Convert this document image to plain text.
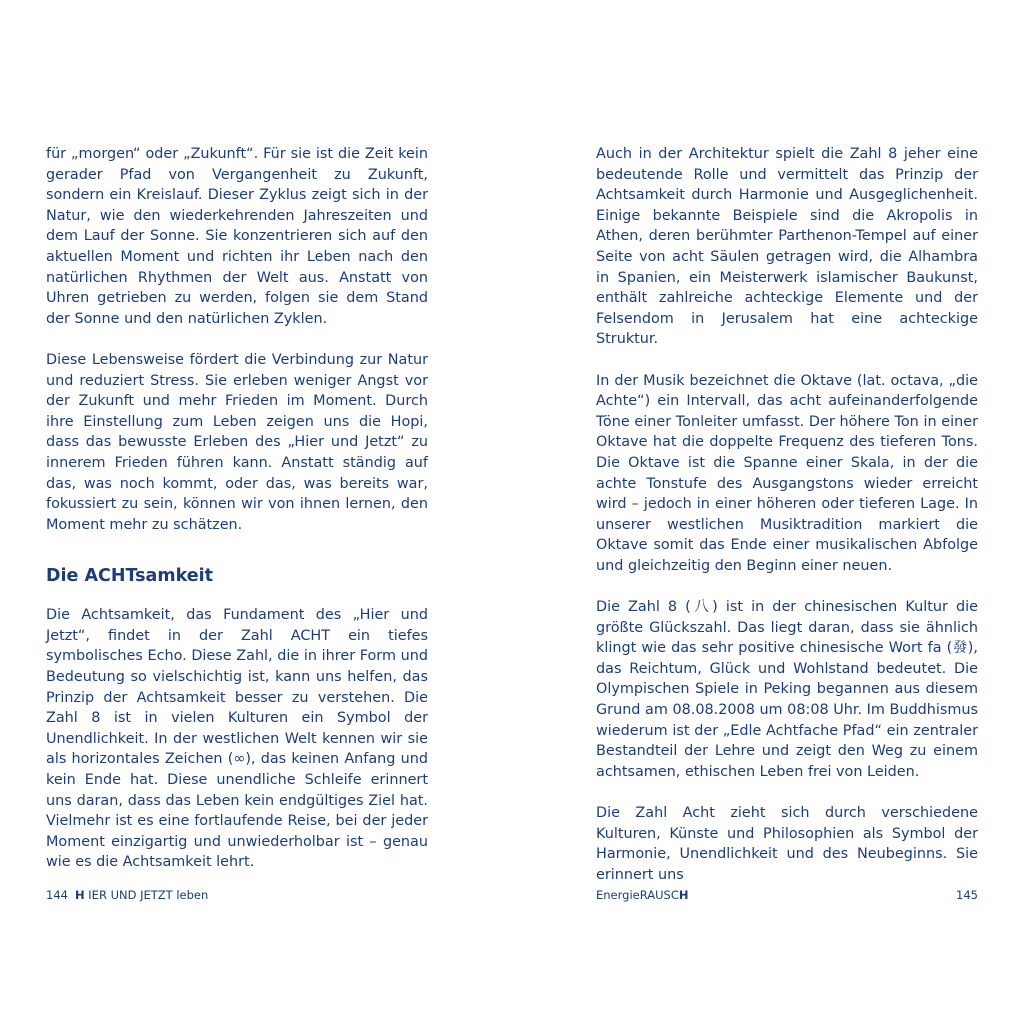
für „morgen“ oder „Zukunft“. Für sie ist die Zeit kein gerader Pfad von Vergangenheit zu Zukunft, sondern ein Kreislauf. Dieser Zyklus zeigt sich in der Natur, wie den wiederkehrenden Jahreszeiten und dem Lauf der Sonne. Sie konzentrieren sich auf den aktuellen Moment und richten ihr Leben nach den natürlichen Rhythmen der Welt aus. Anstatt von Uhren getrieben zu werden, folgen sie dem Stand der Sonne und den natürlichen Zyklen.

Diese Lebensweise fördert die Verbindung zur Natur und reduziert Stress. Sie erleben weniger Angst vor der Zukunft und mehr Frieden im Moment. Durch ihre Einstellung zum Leben zeigen uns die Hopi, dass das bewusste Erleben des „Hier und Jetzt“ zu innerem Frieden führen kann. Anstatt ständig auf das, was noch kommt, oder das, was bereits war, fokussiert zu sein, können wir von ihnen lernen, den Moment mehr zu schätzen.

Die ACHTsamkeit

Die Achtsamkeit, das Fundament des „Hier und Jetzt“, findet in der Zahl ACHT ein tiefes symbolisches Echo. Diese Zahl, die in ihrer Form und Bedeutung so vielschichtig ist, kann uns helfen, das Prinzip der Achtsamkeit besser zu verstehen. Die Zahl 8 ist in vielen Kulturen ein Symbol der Unendlichkeit. In der westlichen Welt kennen wir sie als horizontales Zeichen (∞), das keinen Anfang und kein Ende hat. Diese unendliche Schleife erinnert uns daran, dass das Leben kein endgültiges Ziel hat. Vielmehr ist es eine fortlaufende Reise, bei der jeder Moment einzigartig und unwiederholbar ist – genau wie es die Achtsamkeit lehrt.

144 H IER UND JETZT leben

Auch in der Architektur spielt die Zahl 8 jeher eine bedeutende Rolle und vermittelt das Prinzip der Achtsamkeit durch Harmonie und Ausgeglichenheit. Einige bekannte Beispiele sind die Akropolis in Athen, deren berühmter Parthenon-Tempel auf einer Seite von acht Säulen getragen wird, die Alhambra in Spanien, ein Meisterwerk islamischer Baukunst, enthält zahlreiche achteckige Elemente und der Felsendom in Jerusalem hat eine achteckige Struktur.

In der Musik bezeichnet die Oktave (lat. octava, „die Achte“) ein Intervall, das acht aufeinanderfolgende Töne einer Tonleiter umfasst. Der höhere Ton in einer Oktave hat die doppelte Frequenz des tieferen Tons. Die Oktave ist die Spanne einer Skala, in der die achte Tonstufe des Ausgangstons wieder erreicht wird – jedoch in einer höheren oder tieferen Lage. In unserer westlichen Musiktradition markiert die Oktave somit das Ende einer musikalischen Abfolge und gleichzeitig den Beginn einer neuen.

Die Zahl 8 (八) ist in der chinesischen Kultur die größte Glückszahl. Das liegt daran, dass sie ähnlich klingt wie das sehr positive chinesische Wort fa (發), das Reichtum, Glück und Wohlstand bedeutet. Die Olympischen Spiele in Peking begannen aus diesem Grund am 08.08.2008 um 08:08 Uhr. Im Buddhismus wiederum ist der „Edle Achtfache Pfad“ ein zentraler Bestandteil der Lehre und zeigt den Weg zu einem achtsamen, ethischen Leben frei von Leiden.

Die Zahl Acht zieht sich durch verschiedene Kulturen, Künste und Philosophien als Symbol der Harmonie, Unendlichkeit und des Neubeginns. Sie erinnert uns

EnergieRAUSCH	145
